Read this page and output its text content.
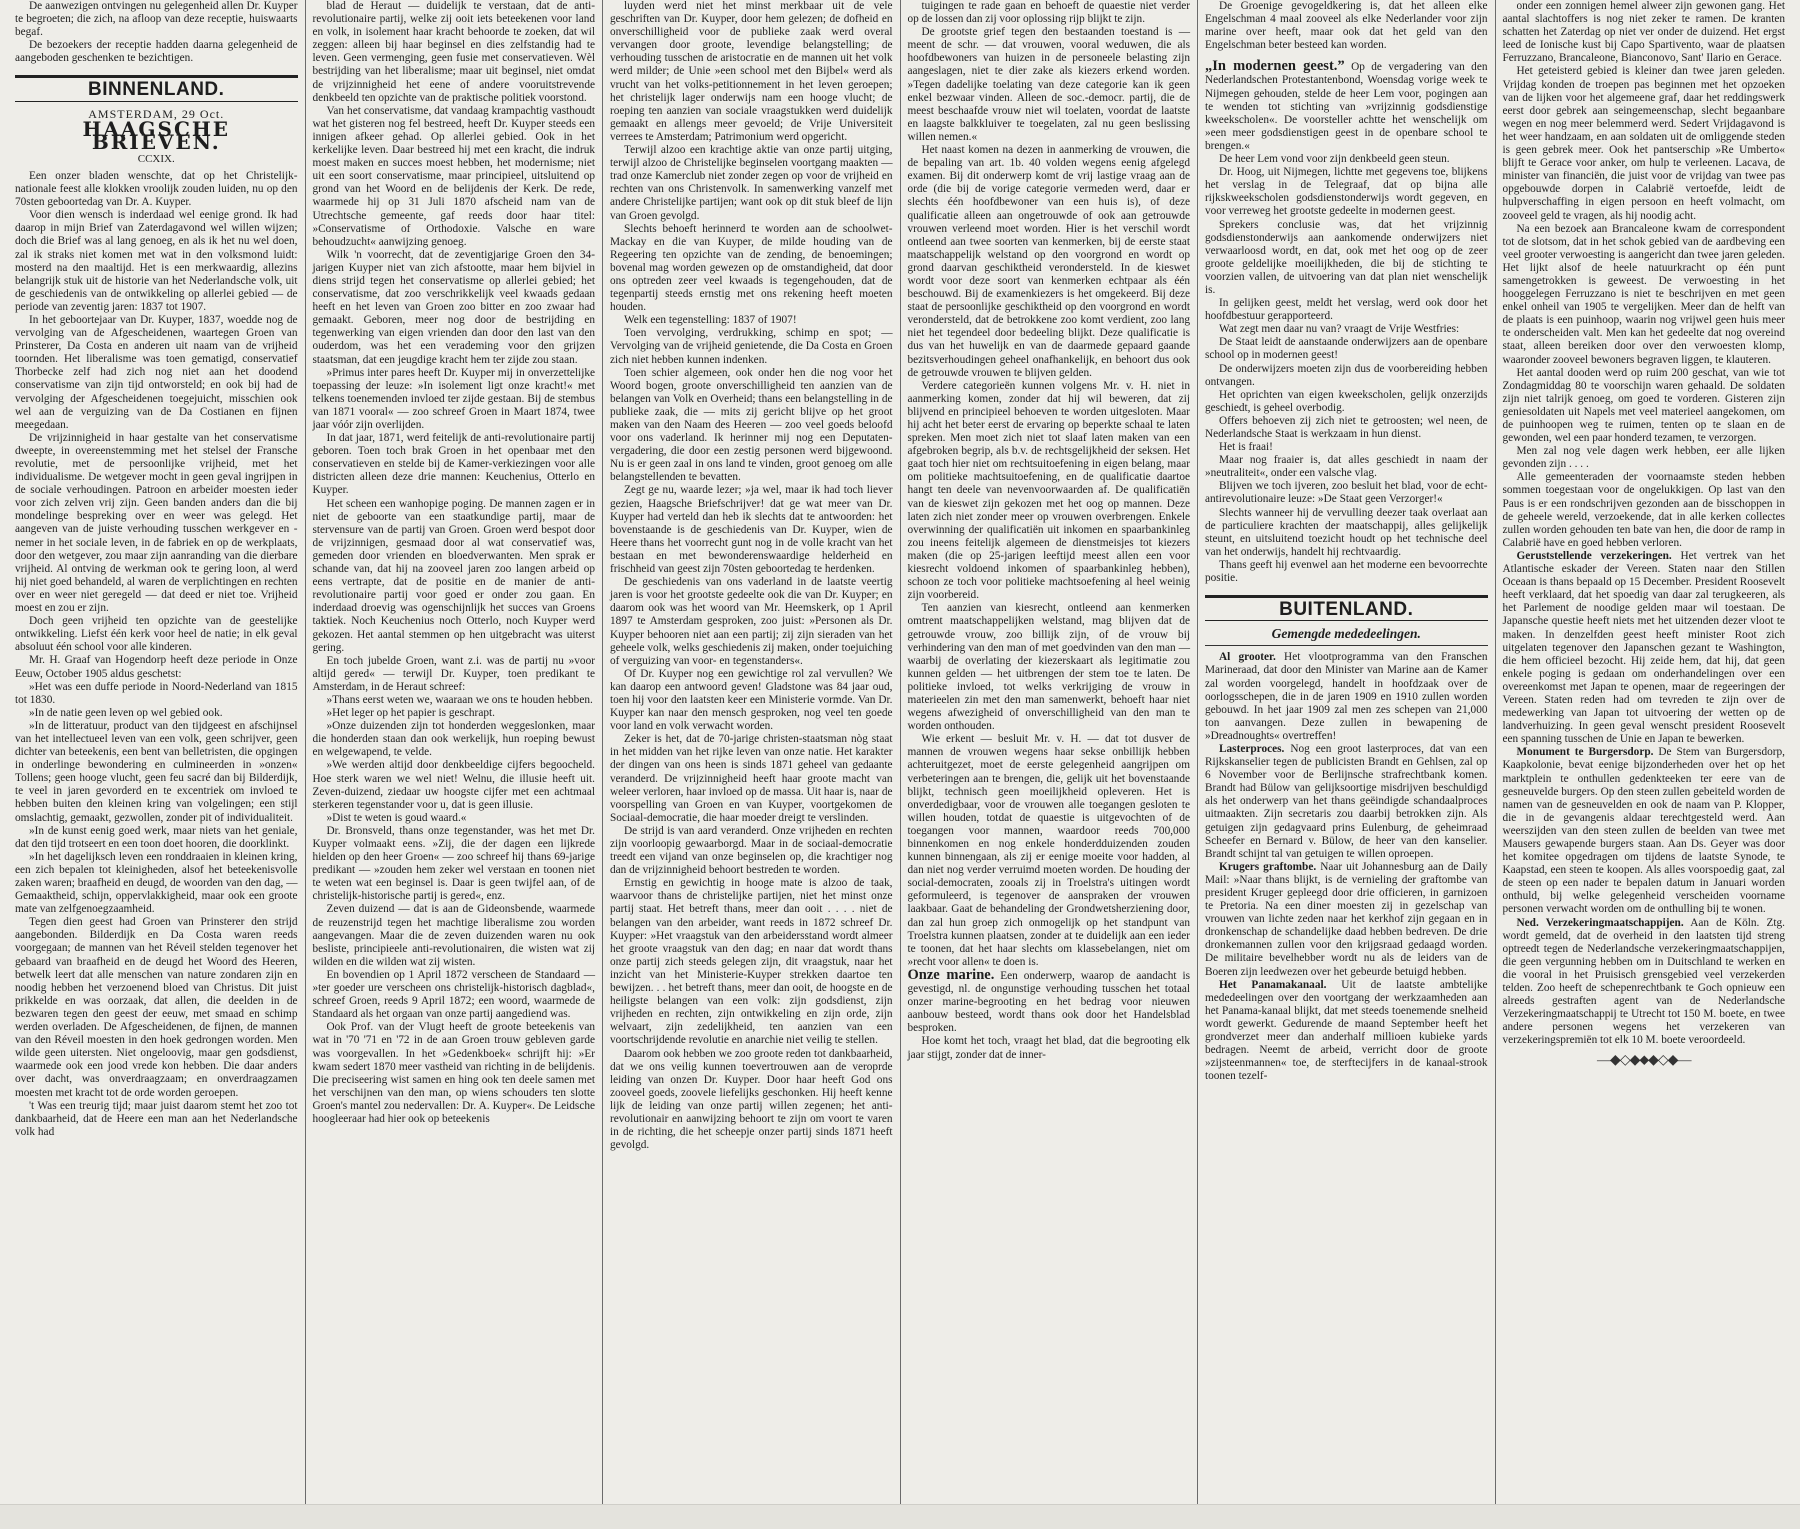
De aanwezigen ontvingen nu gelegenheid allen Dr. Kuyper te begroeten; die zich, na afloop van deze receptie, huiswaarts begaf.

De bezoekers der receptie hadden daarna gelegenheid de aangeboden geschenken te bezichtigen.

BINNENLAND.
AMSTERDAM, 29 Oct.
HAAGSCHE BRIEVEN.
CCXIX.

Een onzer bladen wenschte, dat op het Christelijk-nationale feest alle klokken vroolijk zouden luiden, nu op den 70sten geboortedag van Dr. A. Kuyper.

Voor dien wensch is inderdaad wel eenige grond. Ik had daarop in mijn Brief van Zaterdagavond wel willen wijzen; doch die Brief was al lang genoeg, en als ik het nu wel doen, zal ik straks niet komen met wat in den volksmond luidt: mosterd na den maaltijd. Het is een merkwaardig, allezins belangrijk stuk uit de historie van het Nederlandsche volk, uit de geschiedenis van de ontwikkeling op allerlei gebied — de periode van zeventig jaren: 1837 tot 1907.

In het geboortejaar van Dr. Kuyper, 1837, woedde nog de vervolging van de Afgescheidenen, waartegen Groen van Prinsterer, Da Costa en anderen uit naam van de vrijheid toornden. Het liberalisme was toen gematigd, conservatief Thorbecke zelf had zich nog niet aan het doodend conservatisme van zijn tijd ontworsteld; en ook bij had de vervolging der Afgescheidenen toegejuicht, misschien ook wel aan de verguizing van de Da Costianen en fijnen meegedaan.

De vrijzinnigheid in haar gestalte van het conservatisme dweepte, in overeenstemming met het stelsel der Fransche revolutie, met de persoonlijke vrijheid, met het individualisme. De wetgever mocht in geen geval ingrijpen in de sociale verhoudingen. Patroon en arbeider moesten ieder voor zich zelven vrij zijn. Geen banden anders dan die bij mondelinge bespreking over en weer was gelegd. Het aangeven van de juiste verhouding tusschen werkgever en -nemer in het sociale leven, in de fabriek en op de werkplaats, door den wetgever, zou maar zijn aanranding van die dierbare vrijheid. Al ontving de werkman ook te gering loon, al werd hij niet goed behandeld, al waren de verplichtingen en rechten over en weer niet geregeld — dat deed er niet toe. Vrijheid moest en zou er zijn.

Doch geen vrijheid ten opzichte van de geestelijke ontwikkeling. Liefst één kerk voor heel de natie; in elk geval absoluut één school voor alle kinderen.

Mr. H. Graaf van Hogendorp heeft deze periode in Onze Eeuw, October 1905 aldus geschetst:

»Het was een duffe periode in Noord-Nederland van 1815 tot 1830.

»In de natie geen leven op wel gebied ook.

»In de litteratuur, product van den tijdgeest en afschijnsel van het intellectueel leven van een volk, geen schrijver, geen dichter van beteekenis, een bent van belletristen, die opgingen in onderlinge bewondering en culmineerden in »onzen« Tollens; geen hooge vlucht, geen feu sacré dan bij Bilderdijk, te veel in jaren gevorderd en te excentriek om invloed te hebben buiten den kleinen kring van volgelingen; een stijl omslachtig, gemaakt, gezwollen, zonder pit of individualiteit.

»In de kunst eenig goed werk, maar niets van het geniale, dat den tijd trotseert en een toon doet hooren, die doorklinkt.

»In het dagelijksch leven een ronddraaien in kleinen kring, een zich bepalen tot kleinigheden, alsof het beteekenisvolle zaken waren; braafheid en deugd, de woorden van den dag, — Gemaaktheid, schijn, oppervlakkigheid, maar ook een groote mate van zelfgenoegzaamheid.

Tegen dien geest had Groen van Prinsterer den strijd aangebonden. Bilderdijk en Da Costa waren reeds voorgegaan; de mannen van het Réveil stelden tegenover het gebaard van braafheid en de deugd het Woord des Heeren, betwelk leert dat alle menschen van nature zondaren zijn en noodig hebben het verzoenend bloed van Christus. Dit juist prikkelde en was oorzaak, dat allen, die deelden in de bezwaren tegen den geest der eeuw, met smaad en schimp werden overladen. De Afgescheidenen, de fijnen, de mannen van den Réveil moesten in den hoek gedrongen worden. Men wilde geen uitersten. Niet ongeloovig, maar gen godsdienst, waarmede ook een jood vrede kon hebben. Die daar anders over dacht, was onverdraagzaam; en onverdraagzamen moesten met kracht tot de orde worden geroepen.

't Was een treurig tijd; maar juist daarom stemt het zoo tot dankbaarheid, dat de Heere een man aan het Nederlandsche volk had

blad de Heraut — duidelijk te verstaan, dat de anti-revolutionaire partij, welke zij ooit iets beteekenen voor land en volk, in isolement haar kracht behoorde te zoeken, dat wil zeggen: alleen bij haar beginsel en dies zelfstandig had te leven. Geen vermenging, geen fusie met conservatieven. Wèl bestrijding van het liberalisme; maar uit beginsel, niet omdat de vrijzinnigheid het eene of andere vooruitstrevende denkbeeld ten opzichte van de praktische politiek voorstond.

Van het conservatisme, dat vandaag krampachtig vasthoudt wat het gisteren nog fel bestreed, heeft Dr. Kuyper steeds een innigen afkeer gehad. Op allerlei gebied. Ook in het kerkelijke leven. Daar bestreed hij met een kracht, die indruk moest maken en succes moest hebben, het modernisme; niet uit een soort conservatisme, maar principieel, uitsluitend op grond van het Woord en de belijdenis der Kerk. De rede, waarmede hij op 31 Juli 1870 afscheid nam van de Utrechtsche gemeente, gaf reeds door haar titel: »Conservatisme of Orthodoxie. Valsche en ware behoudzucht« aanwijzing genoeg.

Wilk 'n voorrecht, dat de zeventigjarige Groen den 34-jarigen Kuyper niet van zich afstootte, maar hem bijviel in diens strijd tegen het conservatisme op allerlei gebied; het conservatisme, dat zoo verschrikkelijk veel kwaads gedaan heeft en het leven van Groen zoo bitter en zoo zwaar had gemaakt. Geboren, meer nog door de bestrijding en tegenwerking van eigen vrienden dan door den last van den ouderdom, was het een verademing voor den grijzen staatsman, dat een jeugdige kracht hem ter zijde zou staan.

»Primus inter pares heeft Dr. Kuyper mij in onverzettelijke toepassing der leuze: »In isolement ligt onze kracht!« met telkens toenemenden invloed ter zijde gestaan. Bij de stembus van 1871 vooral« — zoo schreef Groen in Maart 1874, twee jaar vóór zijn overlijden.

In dat jaar, 1871, werd feitelijk de anti-revolutionaire partij geboren. Toen toch brak Groen in het openbaar met den conservatieven en stelde bij de Kamer-verkiezingen voor alle districten alleen deze drie mannen: Keuchenius, Otterlo en Kuyper.

Het scheen een wanhopige poging. De mannen zagen er in niet de geboorte van een staatkundige partij, maar de stervensure van de partij van Groen. Groen werd bespot door de vrijzinnigen, gesmaad door al wat conservatief was, gemeden door vrienden en bloedverwanten. Men sprak er schande van, dat hij na zooveel jaren zoo langen arbeid op eens vertrapte, dat de positie en de manier de anti-revolutionaire partij voor goed er onder zou gaan. En inderdaad droevig was ogenschijnlijk het succes van Groens taktiek. Noch Keuchenius noch Otterlo, noch Kuyper werd gekozen. Het aantal stemmen op hen uitgebracht was uiterst gering.

En toch jubelde Groen, want z.i. was de partij nu »voor altijd gered« — terwijl Dr. Kuyper, toen predikant te Amsterdam, in de Heraut schreef:

»Thans eerst weten we, waaraan we ons te houden hebben.

»Het leger op het papier is geschrapt.

»Onze duizenden zijn tot honderden weggeslonken, maar die honderden staan dan ook werkelijk, hun roeping bewust en welgewapend, te velde.

»We werden altijd door denkbeeldige cijfers begoocheld. Hoe sterk waren we wel niet! Welnu, die illusie heeft uit. Zeven-duizend, ziedaar uw hoogste cijfer met een achtmaal sterkeren tegenstander voor u, dat is geen illusie.

»Dist te weten is goud waard.«

Dr. Bronsveld, thans onze tegenstander, was het met Dr. Kuyper volmaakt eens. »Zij, die der dagen een lijkrede hielden op den heer Groen« — zoo schreef hij thans 69-jarige predikant — »zouden hem zeker wel verstaan en toonen niet te weten wat een beginsel is. Daar is geen twijfel aan, of de christelijk-historische partij is gered«, enz.

Zeven duizend — dat is aan de Gideonsbende, waarmede de reuzenstrijd tegen het machtige liberalisme zou worden aangevangen. Maar die de zeven duizenden waren nu ook besliste, principieele anti-revolutionairen, die wisten wat zij wilden en die wilden wat zij wisten.

En bovendien op 1 April 1872 verscheen de Standaard — »ter goeder ure verscheen ons christelijk-historisch dagblad«, schreef Groen, reeds 9 April 1872; een woord, waarmede de Standaard als het orgaan van onze partij aangediend was.

Ook Prof. van der Vlugt heeft de groote beteekenis van wat in '70 '71 en '72 in de aan Groen trouw gebleven garde was voorgevallen. In het »Gedenkboek« schrijft hij: »Er kwam sedert 1870 meer vastheid van richting in de belijdenis. Die preciseering wist samen en hing ook ten deele samen met het verschijnen van den man, op wiens schouders ten slotte Groen's mantel zou nedervallen: Dr. A. Kuyper«. De Leidsche hoogleeraar had hier ook op beteekenis

luyden werd niet het minst merkbaar uit de vele geschriften van Dr. Kuyper, door hem gelezen; de dofheid en onverschilligheid voor de publieke zaak werd overal vervangen door groote, levendige belangstelling; de verhouding tusschen de aristocratie en de mannen uit het volk werd milder; de Unie »een school met den Bijbel« werd als vrucht van het volks-petitionnement in het leven geroepen; het christelijk lager onderwijs nam een hooge vlucht; de roeping ten aanzien van sociale vraagstukken werd duidelijk gemaakt en allengs meer gevoeld; de Vrije Universiteit verrees te Amsterdam; Patrimonium werd opgericht.

Terwijl alzoo een krachtige aktie van onze partij uitging, terwijl alzoo de Christelijke beginselen voortgang maakten — trad onze Kamerclub niet zonder zegen op voor de vrijheid en rechten van ons Christenvolk. In samenwerking vanzelf met andere Christelijke partijen; want ook op dit stuk bleef de lijn van Groen gevolgd.

Slechts behoeft herinnerd te worden aan de schoolwet-Mackay en die van Kuyper, de milde houding van de Regeering ten opzichte van de zending, de benoemingen; bovenal mag worden gewezen op de omstandigheid, dat door ons optreden zeer veel kwaads is tegengehouden, dat de tegenpartij steeds ernstig met ons rekening heeft moeten houden.

Welk een tegenstelling: 1837 of 1907!

Toen vervolging, verdrukking, schimp en spot; — Vervolging van de vrijheid genietende, die Da Costa en Groen zich niet hebben kunnen indenken.

Toen schier algemeen, ook onder hen die nog voor het Woord bogen, groote onverschilligheid ten aanzien van de belangen van Volk en Overheid; thans een belangstelling in de publieke zaak, die — mits zij gericht blijve op het groot maken van den Naam des Heeren — zoo veel goeds beloofd voor ons vaderland. Ik herinner mij nog een Deputaten-vergadering, die door een zestig personen werd bijgewoond. Nu is er geen zaal in ons land te vinden, groot genoeg om alle belangstellenden te bevatten.

Zegt ge nu, waarde lezer; »ja wel, maar ik had toch liever gezien, Haagsche Briefschrijver! dat ge wat meer van Dr. Kuyper had verteld dan heb ik slechts dat te antwoorden: het bovenstaande is de geschiedenis van Dr. Kuyper, wien de Heere thans het voorrecht gunt nog in de volle kracht van het bestaan en met bewonderenswaardige helderheid en frischheid van geest zijn 70sten geboortedag te herdenken.

De geschiedenis van ons vaderland in de laatste veertig jaren is voor het grootste gedeelte ook die van Dr. Kuyper; en daarom ook was het woord van Mr. Heemskerk, op 1 April 1897 te Amsterdam gesproken, zoo juist: »Personen als Dr. Kuyper behooren niet aan een partij; zij zijn sieraden van het geheele volk, welks geschiedenis zij maken, onder toejuiching of verguizing van voor- en tegenstanders«.

Of Dr. Kuyper nog een gewichtige rol zal vervullen? We kan daarop een antwoord geven! Gladstone was 84 jaar oud, toen hij voor den laatsten keer een Ministerie vormde. Van Dr. Kuyper kan naar den mensch gesproken, nog veel ten goede voor land en volk verwacht worden.

Zeker is het, dat de 70-jarige christen-staatsman nòg staat in het midden van het rijke leven van onze natie. Het karakter der dingen van ons heen is sinds 1871 geheel van gedaante veranderd. De vrijzinnigheid heeft haar groote macht van weleer verloren, haar invloed op de massa. Uit haar is, naar de voorspelling van Groen en van Kuyper, voortgekomen de Sociaal-democratie, die haar moeder dreigt te verslinden.

De strijd is van aard veranderd. Onze vrijheden en rechten zijn voorloopig gewaarborgd. Maar in de sociaal-democratie treedt een vijand van onze beginselen op, die krachtiger nog dan de vrijzinnigheid behoort bestreden te worden.

Ernstig en gewichtig in hooge mate is alzoo de taak, waarvoor thans de christelijke partijen, niet het minst onze partij staat. Het betreft thans, meer dan ooit . . . . niet de belangen van den arbeider, want reeds in 1872 schreef Dr. Kuyper: »Het vraagstuk van den arbeidersstand wordt almeer het groote vraagstuk van den dag; en naar dat wordt thans onze partij zich steeds gelegen zijn, dit vraagstuk, naar het inzicht van het Ministerie-Kuyper strekken daartoe ten bewijzen. . . het betreft thans, meer dan ooit, de hoogste en de heiligste belangen van een volk: zijn godsdienst, zijn vrijheden en rechten, zijn ontwikkeling en zijn orde, zijn welvaart, zijn zedelijkheid, ten aanzien van een voortschrijdende revolutie en anarchie niet veilig te stellen.

Daarom ook hebben we zoo groote reden tot dankbaarheid, dat we ons veilig kunnen toevertrouwen aan de veroprde leiding van onzen Dr. Kuyper. Door haar heeft God ons zooveel goeds, zoovele liefelijks geschonken. Hij heeft kenne lijk de leiding van onze partij willen zegenen; het anti-revolutionair en aanwijzing behoort te zijn om voort te varen in de richting, die het scheepje onzer partij sinds 1871 heeft gevolgd.

tuigingen te rade gaan en behoeft de quaestie niet verder op de lossen dan zij voor oplossing rijp blijkt te zijn.

De grootste grief tegen den bestaanden toestand is — meent de schr. — dat vrouwen, vooral weduwen, die als hoofdbewoners van huizen in de personeele belasting zijn aangeslagen, niet te dier zake als kiezers erkend worden. »Tegen dadelijke toelating van deze categorie kan ik geen enkel bezwaar vinden. Alleen de soc.-democr. partij, die de meest beschaafde vrouw niet wil toelaten, voordat de laatste en laagste balkkluiver te toegelaten, zal nu geen beslissing willen nemen.«

Het naast komen na dezen in aanmerking de vrouwen, die de bepaling van art. 1b. 40 volden wegens eenig afgelegd examen. Bij dit onderwerp komt de vrij lastige vraag aan de orde (die bij de vorige categorie vermeden werd, daar er slechts één hoofdbewoner van een huis is), of deze qualificatie alleen aan ongetrouwde of ook aan getrouwde vrouwen verleend moet worden. Hier is het verschil wordt ontleend aan twee soorten van kenmerken, bij de eerste staat maatschappelijk welstand op den voorgrond en wordt op grond daarvan geschiktheid verondersteld. In de kieswet wordt voor deze soort van kenmerken echtpaar als één beschouwd. Bij de examenkiezers is het omgekeerd. Bij deze staat de persoonlijke geschiktheid op den voorgrond en wordt verondersteld, dat de betrokkene zoo komt verdient, zoo lang niet het tegendeel door bedeeling blijkt. Deze qualificatie is dus van het huwelijk en van de daarmede gepaard gaande bezitsverhoudingen geheel onafhankelijk, en behoort dus ook de getrouwde vrouwen te blijven gelden.

Verdere categorieën kunnen volgens Mr. v. H. niet in aanmerking komen, zonder dat hij wil beweren, dat zij blijvend en principieel behoeven te worden uitgesloten. Maar hij acht het beter eerst de ervaring op beperkte schaal te laten spreken. Men moet zich niet tot slaaf laten maken van een afgebroken begrip, als b.v. de rechtsgelijkheid der seksen. Het gaat toch hier niet om rechtsuitoefening in eigen belang, maar om politieke machtsuitoefening, en de qualificatie daartoe hangt ten deele van nevenvoorwaarden af. De qualificatiën van de kieswet zijn gekozen met het oog op mannen. Deze laten zich niet zonder meer op vrouwen overbrengen. Enkele overwinning der qualificatiën uit inkomen en spaarbankinleg zou ineens feitelijk algemeen de dienstmeisjes tot kiezers maken (die op 25-jarigen leeftijd meest allen een voor kiesrecht voldoend inkomen of spaarbankinleg hebben), schoon ze toch voor politieke machtsoefening al heel weinig zijn voorbereid.

Ten aanzien van kiesrecht, ontleend aan kenmerken omtrent maatschappelijken welstand, mag blijven dat de getrouwde vrouw, zoo billijk zijn, of de vrouw bij verhindering van den man of met goedvinden van den man — waarbij de overlating der kiezerskaart als legitimatie zou kunnen gelden — het uitbrengen der stem toe te laten. De politieke invloed, tot welks verkrijging de vrouw in materieelen zin met den man samenwerkt, behoeft haar niet wegens afwezigheid of onverschilligheid van den man te worden onthouden.

Wie erkent — besluit Mr. v. H. — dat tot dusver de mannen de vrouwen wegens haar sekse onbillijk hebben achteruitgezet, moet de eerste gelegenheid aangrijpen om verbeteringen aan te brengen, die, gelijk uit het bovenstaande blijkt, technisch geen moeilijkheid opleveren. Het is onverdedigbaar, voor de vrouwen alle toegangen gesloten te willen houden, totdat de quaestie is uitgevochten of de toegangen voor mannen, waardoor reeds 700,000 binnenkomen en nog enkele honderdduizenden zouden kunnen binnengaan, als zij er eenige moeite voor hadden, al dan niet nog verder verruimd moeten worden. De houding der social-democraten, zooals zij in Troelstra's uitingen wordt geformuleerd, is tegenover de aanspraken der vrouwen laakbaar. Gaat de behandeling der Grondwetsherziening door, dan zal hun groep zich onmogelijk op het standpunt van Troelstra kunnen plaatsen, zonder at te duidelijk aan een ieder te toonen, dat het haar slechts om klassebelangen, niet om »recht voor allen« te doen is.

Onze marine. Een onderwerp, waarop de aandacht is gevestigd, nl. de ongunstige verhouding tusschen het totaal onzer marine-begrooting en het bedrag voor nieuwen aanbouw besteed, wordt thans ook door het Handelsblad besproken.

Hoe komt het toch, vraagt het blad, dat die begrooting elk jaar stijgt, zonder dat de inner-

De Groenige gevogeldkering is, dat het alleen elke Engelschman 4 maal zooveel als elke Nederlander voor zijn marine over heeft, maar ook dat het geld van den Engelschman beter besteed kan worden.

„In modernen geest.” Op de vergadering van den Nederlandschen Protestantenbond, Woensdag vorige week te Nijmegen gehouden, stelde de heer Lem voor, pogingen aan te wenden tot stichting van »vrijzinnig godsdienstige kweekscholen«. De voorsteller achtte het wenschelijk om »een meer godsdienstigen geest in de openbare school te brengen.«

De heer Lem vond voor zijn denkbeeld geen steun.

Dr. Hoog, uit Nijmegen, lichtte met gegevens toe, blijkens het verslag in de Telegraaf, dat op bijna alle rijkskweekscholen godsdienstonderwijs wordt gegeven, en voor verreweg het grootste gedeelte in modernen geest.

Sprekers conclusie was, dat het vrijzinnig godsdienstonderwijs aan aankomende onderwijzers niet verwaarloosd wordt, en dat, ook met het oog op de zeer groote geldelijke moeilijkheden, die bij de stichting te voorzien vallen, de uitvoering van dat plan niet wenschelijk is.

In gelijken geest, meldt het verslag, werd ook door het hoofdbestuur gerapporteerd.

Wat zegt men daar nu van? vraagt de Vrije Westfries:

De Staat leidt de aanstaande onderwijzers aan de openbare school op in modernen geest!

De onderwijzers moeten zijn dus de voorbereiding hebben ontvangen.

Het oprichten van eigen kweekscholen, gelijk onzerzijds geschiedt, is geheel overbodig.

Offers behoeven zij zich niet te getroosten; wel neen, de Nederlandsche Staat is werkzaam in hun dienst.

Het is fraai!

Maar nog fraaier is, dat alles geschiedt in naam der »neutraliteit«, onder een valsche vlag.

Blijven we toch ijveren, zoo besluit het blad, voor de echt-antirevolutionaire leuze: »De Staat geen Verzorger!«

Slechts wanneer hij de vervulling deezer taak overlaat aan de particuliere krachten der maatschappij, alles gelijkelijk steunt, en uitsluitend toezicht houdt op het technische deel van het onderwijs, handelt hij rechtvaardig.

Thans geeft hij evenwel aan het moderne een bevoorrechte positie.

BUITENLAND.
Gemengde mededeelingen.

Al grooter. Het vlootprogramma van den Franschen Marineraad, dat door den Minister van Marine aan de Kamer zal worden voorgelegd, handelt in hoofdzaak over de oorlogsschepen, die in de jaren 1909 en 1910 zullen worden gebouwd. In het jaar 1909 zal men zes schepen van 21,000 ton aanvangen. Deze zullen in bewapening de »Dreadnoughts« overtreffen!

Lasterproces. Nog een groot lasterproces, dat van een Rijkskanselier tegen de publicisten Brandt en Gehlsen, zal op 6 November voor de Berlijnsche strafrechtbank komen. Brandt had Bülow van gelijksoortige misdrijven beschuldigd als het onderwerp van het thans geëindigde schandaalproces uitmaakten. Zijn secretaris zou daarbij betrokken zijn. Als getuigen zijn gedagvaard prins Eulenburg, de geheimraad Scheefer en Bernard v. Bülow, de heer van den kanselier. Brandt schijnt tal van getuigen te willen oproepen.

Krugers graftombe. Naar uit Johannesburg aan de Daily Mail: »Naar thans blijkt, is de vernieling der graftombe van president Kruger gepleegd door drie officieren, in garnizoen te Pretoria. Na een diner moesten zij in gezelschap van vrouwen van lichte zeden naar het kerkhof zijn gegaan en in dronkenschap de schandelijke daad hebben bedreven. De drie dronkemannen zullen voor den krijgsraad gedaagd worden. De militaire bevelhebber wordt nu als de leiders van de Boeren zijn leedwezen over het gebeurde betuigd hebben.

Het Panamakanaal. Uit de laatste ambtelijke mededeelingen over den voortgang der werkzaamheden aan het Panama-kanaal blijkt, dat met steeds toenemende snelheid wordt gewerkt. Gedurende de maand September heeft het grondverzet meer dan anderhalf millioen kubieke yards bedragen. Neemt de arbeid, verricht door de groote »zijsteenmannen« toe, de sterftecijfers in de kanaal-strook toonen tezelf-

onder een zonnigen hemel alweer zijn gewonen gang. Het aantal slachtoffers is nog niet zeker te ramen. De kranten schatten het Zaterdag op niet ver onder de duizend. Het ergst leed de Ionische kust bij Capo Spartivento, waar de plaatsen Ferruzzano, Brancaleone, Bianconovo, Sant' Ilario en Gerace.

Het geteisterd gebied is kleiner dan twee jaren geleden. Vrijdag konden de troepen pas beginnen met het opzoeken van de lijken voor het algemeene graf, daar het reddingswerk eerst door gebrek aan seingemeenschap, slecht begaanbare wegen en nog meer belemmerd werd. Sedert Vrijdagavond is het weer handzaam, en aan soldaten uit de omliggende steden is geen gebrek meer. Ook het pantserschip »Re Umberto« blijft te Gerace voor anker, om hulp te verleenen. Lacava, de minister van financiën, die juist voor de vrijdag van twee pas opgebouwde dorpen in Calabrië vertoefde, leidt de hulpverschaffing in eigen persoon en heeft volmacht, om zooveel geld te vragen, als hij noodig acht.

Na een bezoek aan Brancaleone kwam de correspondent tot de slotsom, dat in het schok gebied van de aardbeving een veel grooter verwoesting is aangericht dan twee jaren geleden. Het lijkt alsof de heele natuurkracht op één punt samengetrokken is geweest. De verwoesting in het hooggelegen Ferruzzano is niet te beschrijven en met geen enkel onheil van 1905 te vergelijken. Meer dan de helft van de plaats is een puinhoop, waarin nog vrijwel geen huis meer te onderscheiden valt. Men kan het gedeelte dat nog overeind staat, alleen bereiken door over den verwoesten klomp, waaronder zooveel bewoners begraven liggen, te klauteren.

Het aantal dooden werd op ruim 200 geschat, van wie tot Zondagmiddag 80 te voorschijn waren gehaald. De soldaten zijn niet talrijk genoeg, om goed te vorderen. Gisteren zijn geniesoldaten uit Napels met veel materieel aangekomen, om de puinhoopen weg te ruimen, tenten op te slaan en de gewonden, wel een paar honderd tezamen, te verzorgen.

Men zal nog vele dagen werk hebben, eer alle lijken gevonden zijn . . . .

Alle gemeenteraden der voornaamste steden hebben sommen toegestaan voor de ongelukkigen. Op last van den Paus is er een rondschrijven gezonden aan de bisschoppen in de geheele wereld, verzoekende, dat in alle kerken collectes zullen worden gehouden ten bate van hen, die door de ramp in Calabrië have en goed hebben verloren.

Geruststellende verzekeringen. Het vertrek van het Atlantische eskader der Vereen. Staten naar den Stillen Oceaan is thans bepaald op 15 December. President Roosevelt heeft verklaard, dat het spoedig van daar zal terugkeeren, als het Parlement de noodige gelden maar wil toestaan. De Japansche questie heeft niets met het uitzenden dezer vloot te maken. In denzelfden geest heeft minister Root zich uitgelaten tegenover den Japanschen gezant te Washington, die hem officieel bezocht. Hij zeide hem, dat hij, dat geen enkele poging is gedaan om onderhandelingen over een overeenkomst met Japan te openen, maar de regeeringen der Vereen. Staten reden had om tevreden te zijn over de medewerking van Japan tot uitvoering der wetten op de landverhuizing. In geen geval wenscht president Roosevelt een spanning tusschen de Unie en Japan te bewerken.

Monument te Burgersdorp. De Stem van Burgersdorp, Kaapkolonie, bevat eenige bijzonderheden over het op het marktplein te onthullen gedenkteeken ter eere van de gesneuvelde burgers. Op den steen zullen gebeiteld worden de namen van de gesneuvelden en ook de naam van P. Klopper, die in de gevangenis aldaar terechtgesteld werd. Aan weerszijden van den steen zullen de beelden van twee met Mausers gewapende burgers staan. Aan Ds. Geyer was door het komitee opgedragen om tijdens de laatste Synode, te Kaapstad, een steen te koopen. Als alles voorspoedig gaat, zal de steen op een nader te bepalen datum in Januari worden onthuld, bij welke gelegenheid verscheiden voorname personen verwacht worden om de onthulling bij te wonen.

Ned. Verzekeringmaatschappijen. Aan de Köln. Ztg. wordt gemeld, dat de overheid in den laatsten tijd streng optreedt tegen de Nederlandsche verzekeringmaatschappijen, die geen vergunning hebben om in Duitschland te werken en die vooral in het Pruisisch grensgebied veel verzekerden telden. Zoo heeft de schepenrechtbank te Goch opnieuw een alreeds gestraften agent van de Nederlandsche Verzekeringmaatschappij te Utrecht tot 150 M. boete, en twee andere personen wegens het verzekeren van verzekeringspremiën tot elk 10 M. boete veroordeeld.

—◆◇◆⬥◆◇◆—
